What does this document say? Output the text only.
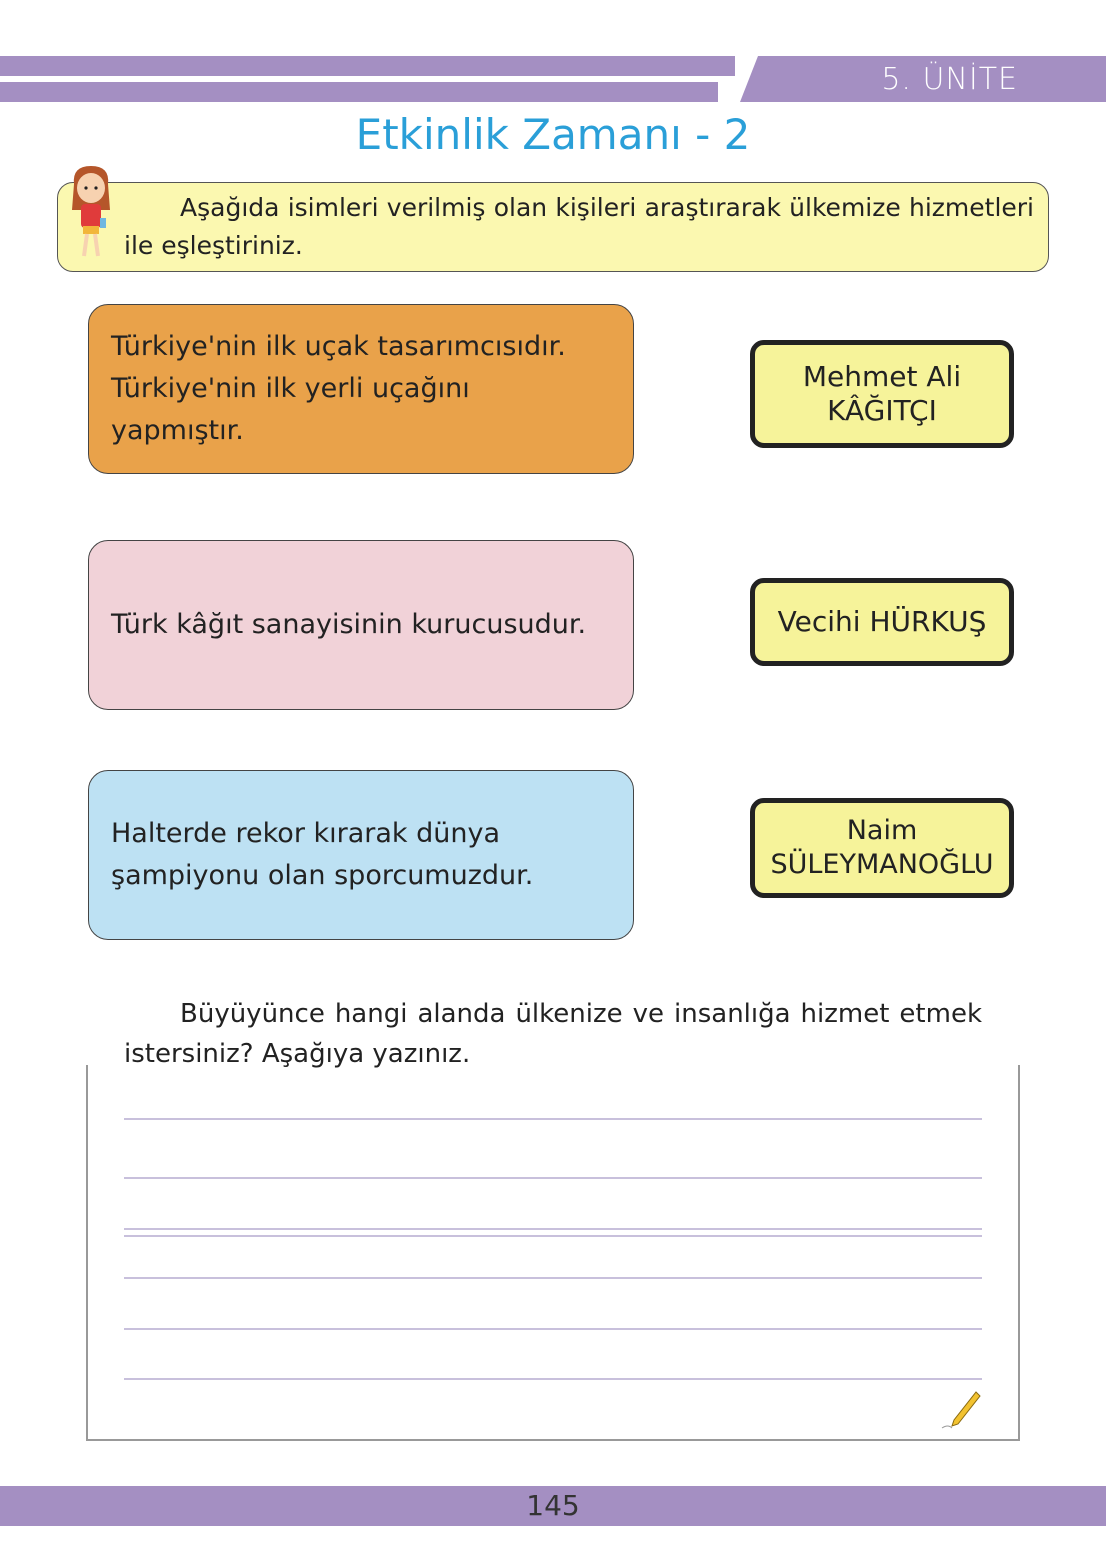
5. ÜNİTE
Etkinlik Zamanı - 2
Aşağıda isimleri verilmiş olan kişileri araştırarak ülkemize hizmetleri ile eşleştiriniz.
Türkiye'nin ilk uçak tasarımcısıdır. Türkiye'nin ilk yerli uçağını yapmıştır.
Türk kâğıt sanayisinin kurucusudur.
Halterde rekor kırarak dünya şampiyonu olan sporcumuzdur.
Mehmet Ali KÂĞITÇI
Vecihi HÜRKUŞ
Naim SÜLEYMANOĞLU
Büyüyünce hangi alanda ülkenize ve insanlığa hizmet etmek istersiniz? Aşağıya yazınız.
145
